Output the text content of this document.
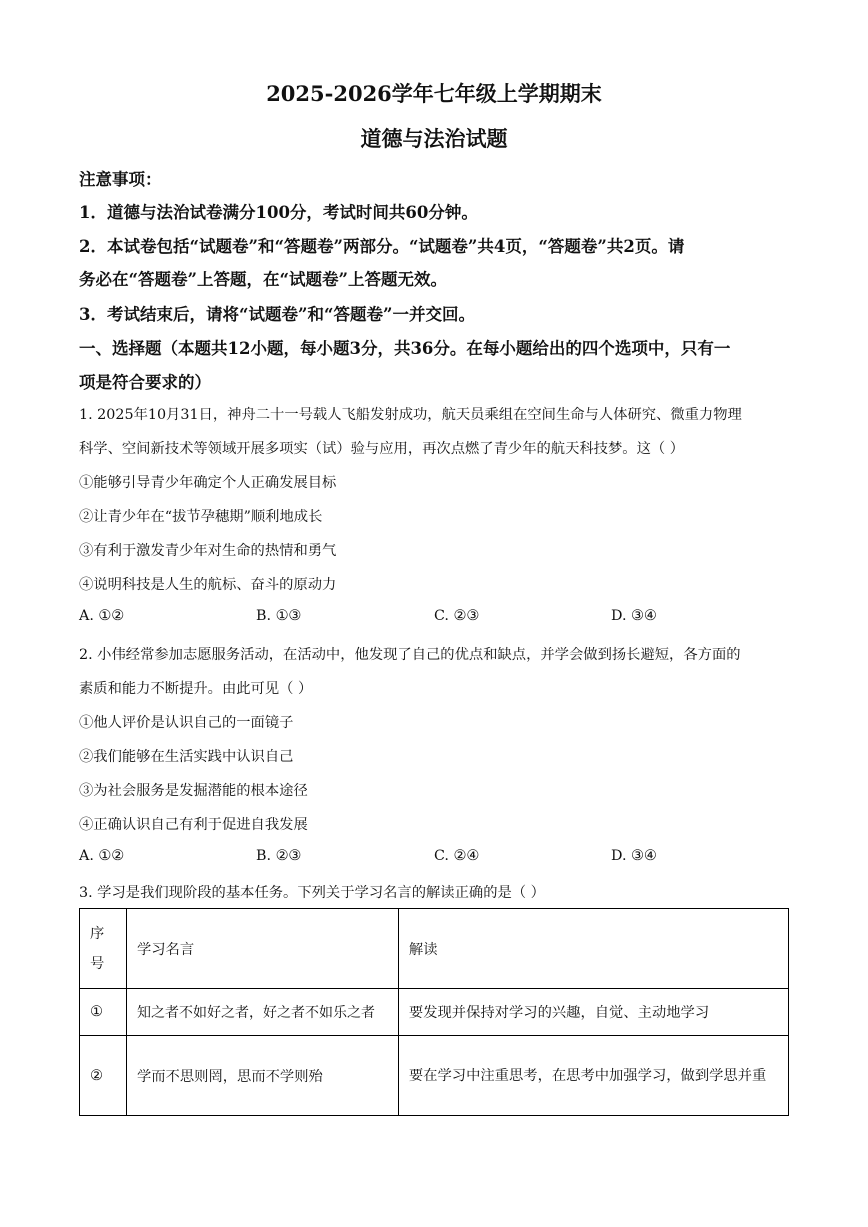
2025-2026学年七年级上学期期末
道德与法治试题
注意事项：
1．道德与法治试卷满分100分，考试时间共60分钟。
2．本试卷包括“试题卷”和“答题卷”两部分。“试题卷”共4页，“答题卷”共2页。请
务必在“答题卷”上答题，在“试题卷”上答题无效。
3．考试结束后，请将“试题卷”和“答题卷”一并交回。
一、选择题（本题共12小题，每小题3分，共36分。在每小题给出的四个选项中，只有一
项是符合要求的）
1. 2025年10月31日，神舟二十一号载人飞船发射成功，航天员乘组在空间生命与人体研究、微重力物理
科学、空间新技术等领域开展多项实（试）验与应用，再次点燃了青少年的航天科技梦。这（ ）
①能够引导青少年确定个人正确发展目标
②让青少年在“拔节孕穗期”顺利地成长
③有利于激发青少年对生命的热情和勇气
④说明科技是人生的航标、奋斗的原动力
A. ①②	B. ①③	C. ②③	D. ③④
2. 小伟经常参加志愿服务活动，在活动中，他发现了自己的优点和缺点，并学会做到扬长避短，各方面的
素质和能力不断提升。由此可见（ ）
①他人评价是认识自己的一面镜子
②我们能够在生活实践中认识自己
③为社会服务是发掘潜能的根本途径
④正确认识自己有利于促进自我发展
A. ①②	B. ②③	C. ②④	D. ③④
3. 学习是我们现阶段的基本任务。下列关于学习名言的解读正确的是（ ）
序号	学习名言	解读
①	知之者不如好之者，好之者不如乐之者	要发现并保持对学习的兴趣，自觉、主动地学习
②	学而不思则罔，思而不学则殆	要在学习中注重思考，在思考中加强学习，做到学思并重
